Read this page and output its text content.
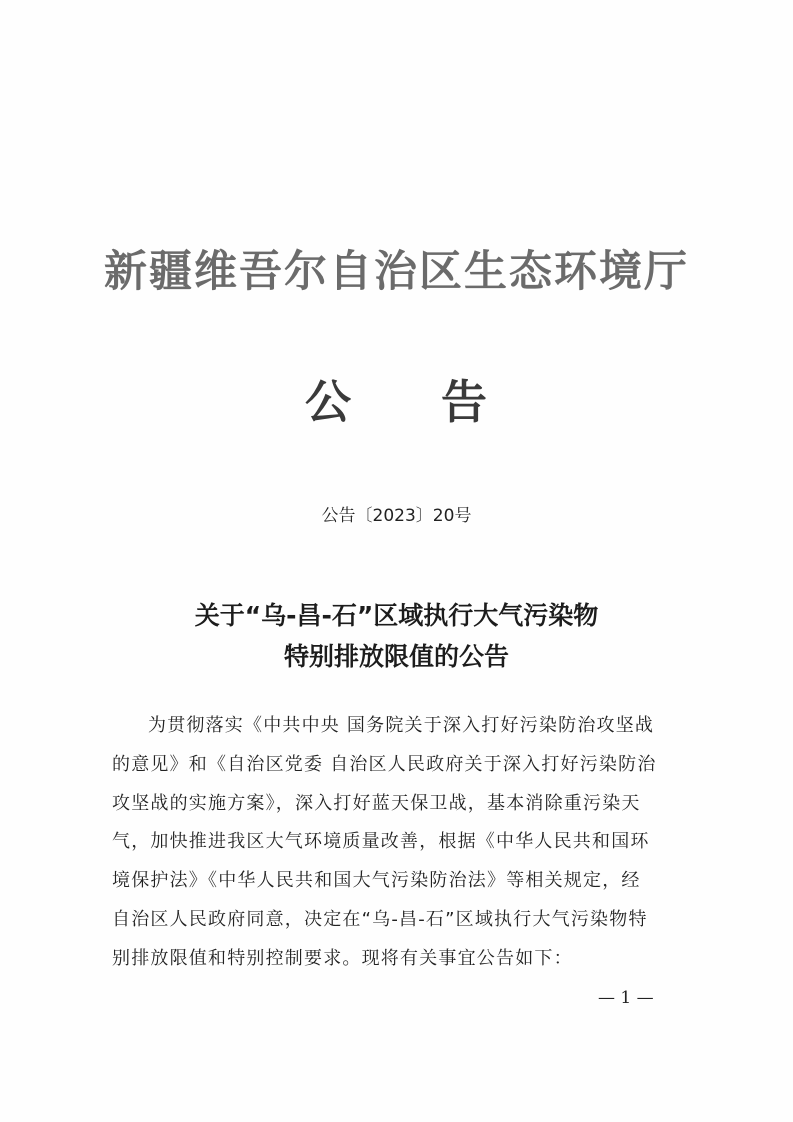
新疆维吾尔自治区生态环境厅
公 告
公告〔2023〕20号
关于“乌-昌-石”区域执行大气污染物
特别排放限值的公告
为贯彻落实《中共中央 国务院关于深入打好污染防治攻坚战
的意见》和《自治区党委 自治区人民政府关于深入打好污染防治
攻坚战的实施方案》，深入打好蓝天保卫战，基本消除重污染天
气，加快推进我区大气环境质量改善，根据《中华人民共和国环
境保护法》《中华人民共和国大气污染防治法》等相关规定，经
自治区人民政府同意，决定在“乌-昌-石”区域执行大气污染物特
别排放限值和特别控制要求。现将有关事宜公告如下：
— 1 —
